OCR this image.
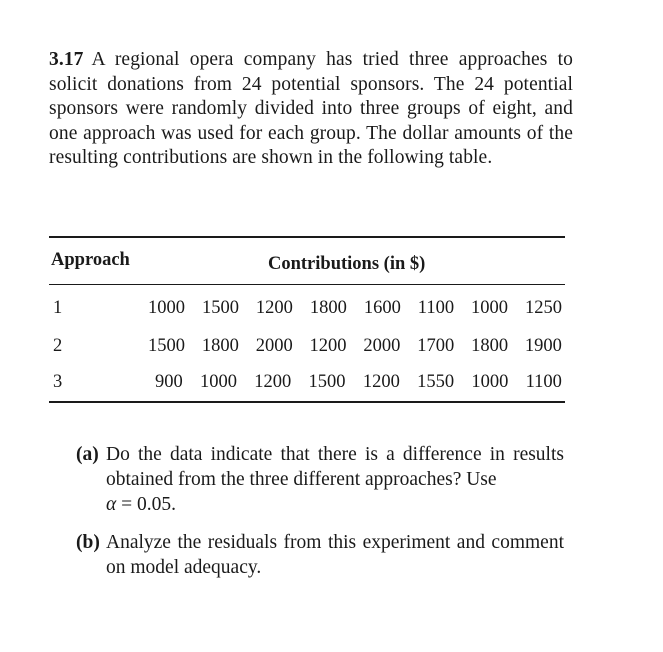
3.17 A regional opera company has tried three approaches to solicit donations from 24 potential sponsors. The 24 potential sponsors were randomly divided into three groups of eight, and one approach was used for each group. The dollar amounts of the resulting contributions are shown in the following table.
Approach	Contributions (in $)
1	1000 1500 1200 1800 1600 1100 1000 1250
2	1500 1800 2000 1200 2000 1700 1800 1900
3	900 1000 1200 1500 1200 1550 1000 1100
(a) Do the data indicate that there is a difference in results obtained from the three different approaches? Use
α = 0.05.
(b) Analyze the residuals from this experiment and comment on model adequacy.
